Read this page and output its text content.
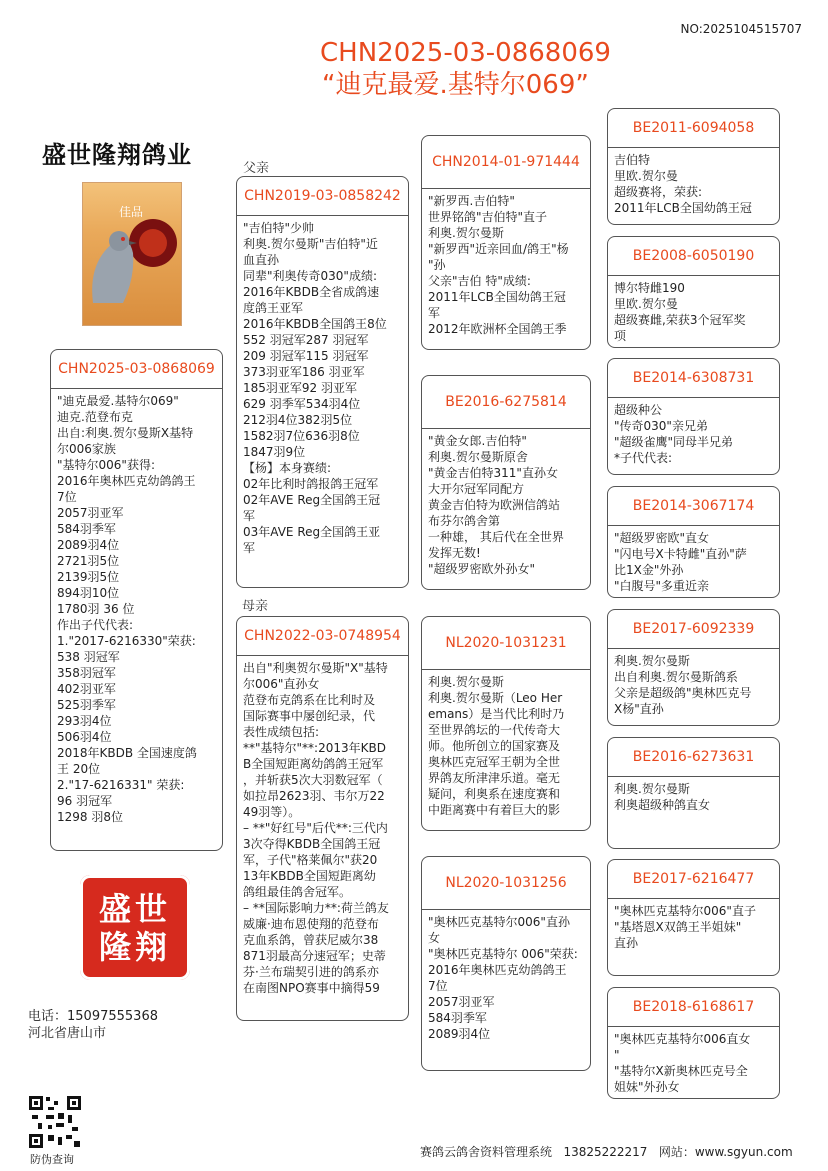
NO:2025104515707
CHN2025-03-0868069
“迪克最爱.基特尔069”
盛世隆翔鸽业
佳品
父亲
母亲
CHN2025-03-0868069
"迪克最爱.基特尔069"
迪克.范登布克
出自:利奥.贺尔曼斯X基特
尔006家族
"基特尔006"获得:
2016年奥林匹克幼鸽鸽王
7位
2057羽亚军
584羽季军
2089羽4位
2721羽5位
2139羽5位
894羽10位
1780羽 36 位
作出子代代表:
1."2017-6216330"荣获:
538 羽冠军
358羽冠军
402羽亚军
525羽季军
293羽4位
506羽4位
2018年KBDB 全国速度鸽
王 20位
2."17-6216331" 荣获:
96 羽冠军
1298 羽8位
CHN2019-03-0858242
"吉伯特"少帅
利奥.贺尔曼斯"吉伯特"近
血直孙
同辈"利奥传奇030"成绩:
2016年KBDB全省成鸽速
度鸽王亚军
2016年KBDB全国鸽王8位
552 羽冠军287 羽冠军
209 羽冠军115 羽冠军
373羽亚军186 羽亚军
185羽亚军92 羽亚军
629 羽季军534羽4位
212羽4位382羽5位
1582羽7位636羽8位
1847羽9位
【杨】本身赛绩:
02年比利时鸽报鸽王冠军
02年AVE Reg全国鸽王冠
军
03年AVE Reg全国鸽王亚
军
CHN2022-03-0748954
出自"利奥贺尔曼斯"X"基特
尔006"直孙女
范登布克鸽系在比利时及
国际赛事中屡创纪录，代
表性成绩包括:
**"基特尔"**:2013年KBD
B全国短距离幼鸽鸽王冠军
，并斩获5次大羽数冠军（
如拉昂2623羽、韦尔万22
49羽等）。
– **"好红号"后代**:三代内
3次夺得KBDB全国鸽王冠
军，子代"格莱佩尔"获20
13年KBDB全国短距离幼
鸽组最佳鸽舍冠军。
– **国际影响力**:荷兰鸽友
威廉·迪布恩使翔的范登布
克血系鸽，曾获尼威尔38
871羽最高分速冠军；史蒂
芬·兰布瑞契引进的鸽系亦
在南图NPO赛事中摘得59
CHN2014-01-971444
"新罗西.吉伯特"
世界铭鸽"吉伯特"直子
利奥.贺尔曼斯
"新罗西"近亲回血/鸽王"杨
"孙
父亲"吉伯 特"成绩:
2011年LCB全国幼鸽王冠
军
2012年欧洲杯全国鸽王季
BE2016-6275814
"黄金女郎.吉伯特"
利奥.贺尔曼斯原舍
"黄金吉伯特311"直孙女
大开尔冠军同配方
黄金吉伯特为欧洲信鸽站
布芬尔鸽舍第
一种雄， 其后代在全世界
发挥无数!
"超级罗密欧外孙女"
NL2020-1031231
利奥.贺尔曼斯
利奥.贺尔曼斯（Leo Her
emans）是当代比利时乃
至世界鸽坛的一代传奇大
师。他所创立的国家赛及
奥林匹克冠军王朝为全世
界鸽友所津津乐道。毫无
疑问，利奥系在速度赛和
中距离赛中有着巨大的影
NL2020-1031256
"奥林匹克基特尔006"直孙
女
"奥林匹克基特尔 006"荣获:
2016年奥林匹克幼鸽鸽王
7位
2057羽亚军
584羽季军
2089羽4位
BE2011-6094058
吉伯特
里欧.贺尔曼
超级赛将，荣获:
2011年LCB全国幼鸽王冠
BE2008-6050190
博尔特雌190
里欧.贺尔曼
超级赛雌,荣获3个冠军奖
项
BE2014-6308731
超级种公
"传奇030"亲兄弟
"超级雀鹰"同母半兄弟
*子代代表:
BE2014-3067174
"超级罗密欧"直女
"闪电号X卡特雌"直孙"萨
比1X金"外孙
"白腹号"多重近亲
BE2017-6092339
利奥.贺尔曼斯
出自利奥.贺尔曼斯鸽系
父亲是超级鸽"奥林匹克号
X杨"直孙
BE2016-6273631
利奥.贺尔曼斯
利奥超级种鸽直女
BE2017-6216477
"奥林匹克基特尔006"直子
"基塔恩X双鸽王半姐妹"
直孙
BE2018-6168617
"奥林匹克基特尔006直女
"
"基特尔X新奥林匹克号全
姐妹"外孙女
盛世
隆翔
电话：15097555368
河北省唐山市
防伪查询
赛鸽云鸽舍资料管理系统   13825222217   网站：www.sgyun.com
